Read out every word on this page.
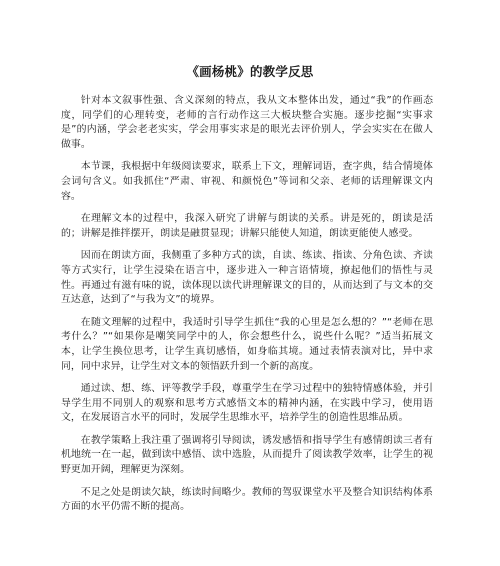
《画杨桃》的教学反思

针对本文叙事性强、含义深刻的特点，我从文本整体出发，通过“我”的作画态度，同学们的心理转变，老师的言行动作这三大板块整合实施。逐步挖掘“实事求是”的内涵，学会老老实实，学会用事实求是的眼光去评价别人，学会实实在在做人做事。

本节课，我根据中年级阅读要求，联系上下文，理解词语，查字典，结合情境体会词句含义。如我抓住“严肃、审视、和颜悦色”等词和父亲、老师的话理解课文内容。

在理解文本的过程中，我深入研究了讲解与朗读的关系。讲是死的，朗读是活的；讲解是推拌摆开，朗读是融贯显现；讲解只能使人知道，朗读更能使人感受。

因而在朗读方面，我侧重了多种方式的读，自读、练读、指读、分角色读、齐读等方式实行，让学生浸染在语言中，逐步进入一种言语情境，撩起他们的悟性与灵性。再通过有滋有味的说，读体现以读代讲理解课文的目的，从而达到了与文本的交互达意，达到了“与我为文”的境界。

在随文理解的过程中，我适时引导学生抓住“我的心里是怎么想的？”“老师在思考什么？”“如果你是嘲笑同学中的人，你会想些什么，说些什么呢？”适当拓展文本，让学生换位思考，让学生真切感悟，如身临其境。通过表情表演对比，异中求同，同中求异，让学生对文本的领悟跃升到一个新的高度。

通过读、想、练、评等教学手段，尊重学生在学习过程中的独特情感体验，并引导学生用不同别人的观察和思考方式感悟文本的精神内涵，在实践中学习，使用语文，在发展语言水平的同时，发展学生思维水平，培养学生的创造性思维品质。

在教学策略上我注重了强调将引导阅读，诱发感悟和指导学生有感情朗读三者有机地统一在一起，做到读中感悟、读中选脸，从而提升了阅读教学效率，让学生的视野更加开阔，理解更为深刻。

不足之处是朗读欠缺，练读时间略少。教师的驾驭课堂水平及整合知识结构体系方面的水平仍需不断的提高。
